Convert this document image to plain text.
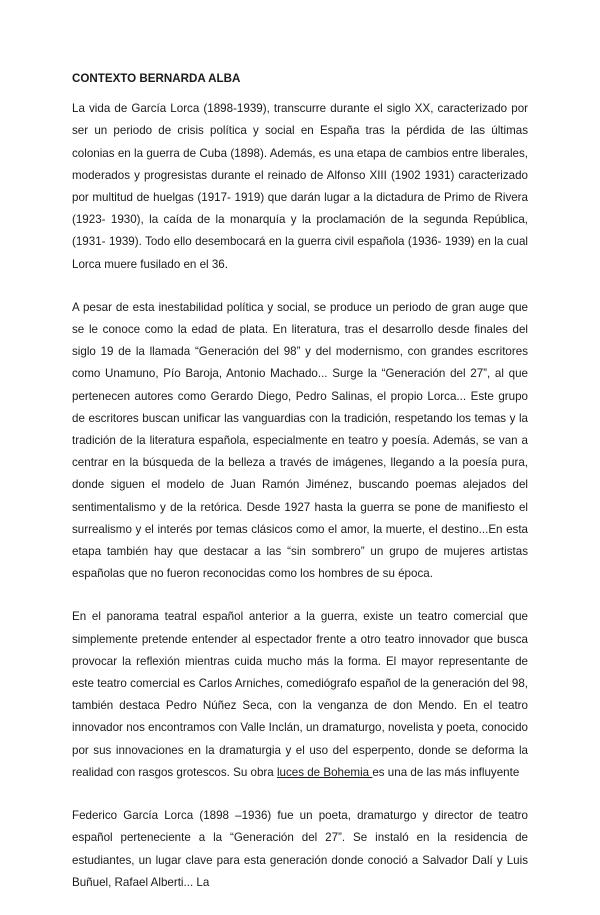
CONTEXTO BERNARDA ALBA

La vida de García Lorca (1898-1939), transcurre durante el siglo XX, caracterizado por ser un periodo de crisis política y social en España tras la pérdida de las últimas colonias en la guerra de Cuba (1898). Además, es una etapa de cambios entre liberales, moderados y progresistas durante el reinado de Alfonso XIII (1902 1931) caracterizado por multitud de huelgas (1917- 1919) que darán lugar a la dictadura de Primo de Rivera (1923- 1930), la caída de la monarquía y la proclamación de la segunda República, (1931- 1939). Todo ello desembocará en la guerra civil española (1936- 1939) en la cual Lorca muere fusilado en el 36.

A pesar de esta inestabilidad política y social, se produce un periodo de gran auge que se le conoce como la edad de plata. En literatura, tras el desarrollo desde finales del siglo 19 de la llamada “Generación del 98” y del modernismo, con grandes escritores como Unamuno, Pío Baroja, Antonio Machado... Surge la “Generación del 27”, al que pertenecen autores como Gerardo Diego, Pedro Salinas, el propio Lorca... Este grupo de escritores buscan unificar las vanguardias con la tradición, respetando los temas y la tradición de la literatura española, especialmente en teatro y poesía. Además, se van a centrar en la búsqueda de la belleza a través de imágenes, llegando a la poesía pura, donde siguen el modelo de Juan Ramón Jiménez, buscando poemas alejados del sentimentalismo y de la retórica. Desde 1927 hasta la guerra se pone de manifiesto el surrealismo y el interés por temas clásicos como el amor, la muerte, el destino...En esta etapa también hay que destacar a las “sin sombrero” un grupo de mujeres artistas españolas que no fueron reconocidas como los hombres de su época.

En el panorama teatral español anterior a la guerra, existe un teatro comercial que simplemente pretende entender al espectador frente a otro teatro innovador que busca provocar la reflexión mientras cuida mucho más la forma. El mayor representante de este teatro comercial es Carlos Arniches, comediógrafo español de la generación del 98, también destaca Pedro Núñez Seca, con la venganza de don Mendo. En el teatro innovador nos encontramos con Valle Inclán, un dramaturgo, novelista y poeta, conocido por sus innovaciones en la dramaturgia y el uso del esperpento, donde se deforma la realidad con rasgos grotescos. Su obra luces de Bohemia es una de las más influyente

Federico García Lorca (1898 –1936) fue un poeta, dramaturgo y director de teatro español perteneciente a la “Generación del 27”. Se instaló en la residencia de estudiantes, un lugar clave para esta generación donde conoció a Salvador Dalí y Luis Buñuel, Rafael Alberti... La
